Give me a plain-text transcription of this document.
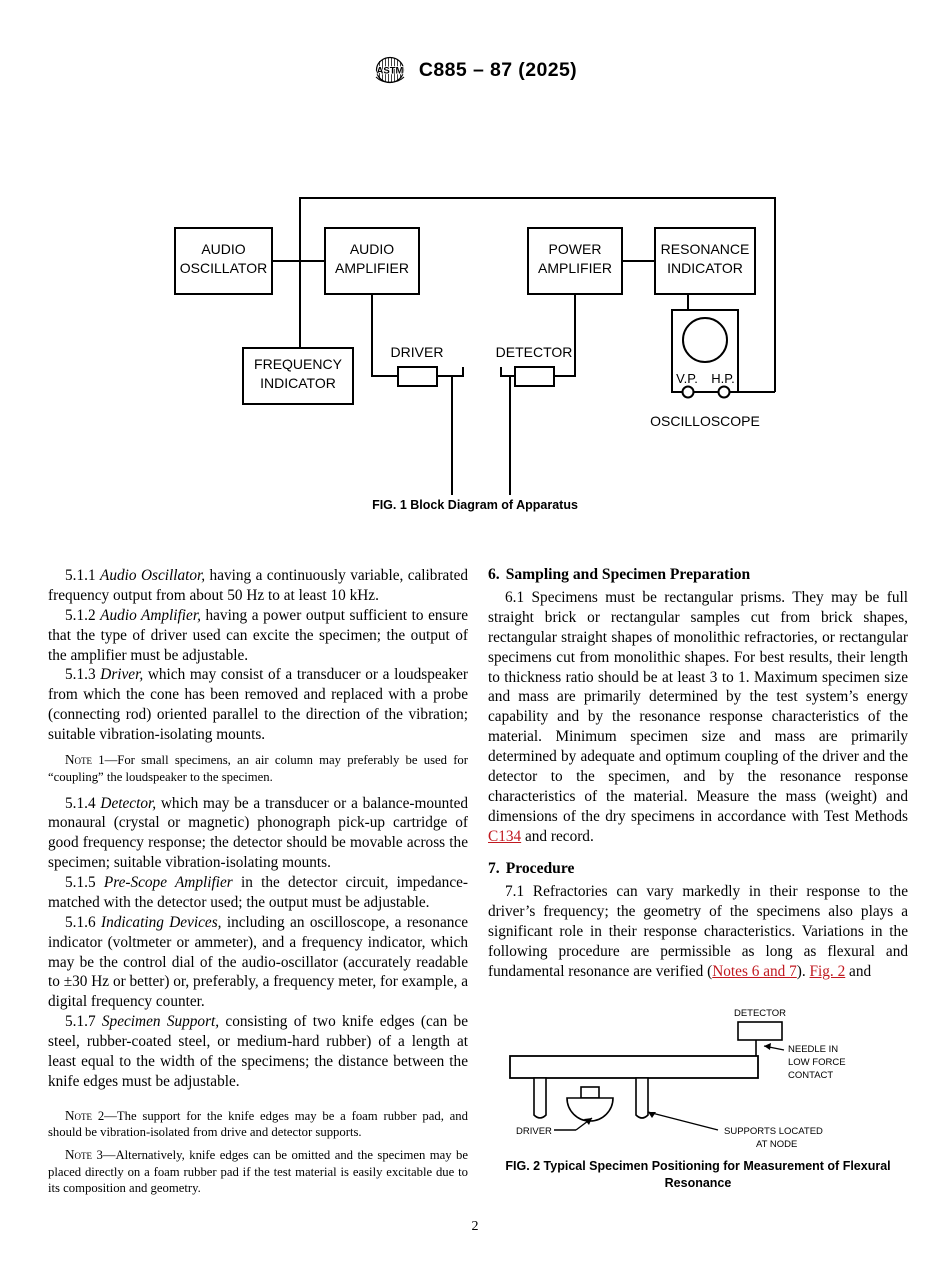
ASTM C885 – 87 (2025)
AUDIO
OSCILLATOR
AUDIO
AMPLIFIER
POWER
AMPLIFIER
RESONANCE
INDICATOR
FREQUENCY
INDICATOR
DRIVER	DETECTOR
V.P. H.P.
OSCILLOSCOPE
FIG. 1 Block Diagram of Apparatus

5.1.1 Audio Oscillator, having a continuously variable, calibrated frequency output from about 50 Hz to at least 10 kHz.

5.1.2 Audio Amplifier, having a power output sufficient to ensure that the type of driver used can excite the specimen; the output of the amplifier must be adjustable.

5.1.3 Driver, which may consist of a transducer or a loudspeaker from which the cone has been removed and replaced with a probe (connecting rod) oriented parallel to the direction of the vibration; suitable vibration-isolating mounts.

Note 1—For small specimens, an air column may preferably be used for “coupling” the loudspeaker to the specimen.

5.1.4 Detector, which may be a transducer or a balance-mounted monaural (crystal or magnetic) phonograph pick-up cartridge of good frequency response; the detector should be movable across the specimen; suitable vibration-isolating mounts.

5.1.5 Pre-Scope Amplifier in the detector circuit, impedance-matched with the detector used; the output must be adjustable.

5.1.6 Indicating Devices, including an oscilloscope, a resonance indicator (voltmeter or ammeter), and a frequency indicator, which may be the control dial of the audio-oscillator (accurately readable to ±30 Hz or better) or, preferably, a frequency meter, for example, a digital frequency counter.

5.1.7 Specimen Support, consisting of two knife edges (can be steel, rubber-coated steel, or medium-hard rubber) of a length at least equal to the width of the specimens; the distance between the knife edges must be adjustable.

Note 2—The support for the knife edges may be a foam rubber pad, and should be vibration-isolated from drive and detector supports.

Note 3—Alternatively, knife edges can be omitted and the specimen may be placed directly on a foam rubber pad if the test material is easily excitable due to its composition and geometry.

6. Sampling and Specimen Preparation

6.1 Specimens must be rectangular prisms. They may be full straight brick or rectangular samples cut from brick shapes, rectangular straight shapes of monolithic refractories, or rectangular specimens cut from monolithic shapes. For best results, their length to thickness ratio should be at least 3 to 1. Maximum specimen size and mass are primarily determined by the test system’s energy capability and by the resonance response characteristics of the material. Minimum specimen size and mass are primarily determined by adequate and optimum coupling of the driver and the detector to the specimen, and by the resonance response characteristics of the material. Measure the mass (weight) and dimensions of the dry specimens in accordance with Test Methods C134 and record.

7. Procedure

7.1 Refractories can vary markedly in their response to the driver’s frequency; the geometry of the specimens also plays a significant role in their response characteristics. Variations in the following procedure are permissible as long as flexural and fundamental resonance are verified (Notes 6 and 7). Fig. 2 and

DETECTOR
NEEDLE IN
LOW FORCE
CONTACT
DRIVER	SUPPORTS LOCATED
AT NODE
FIG. 2 Typical Specimen Positioning for Measurement of Flexural
Resonance
2
